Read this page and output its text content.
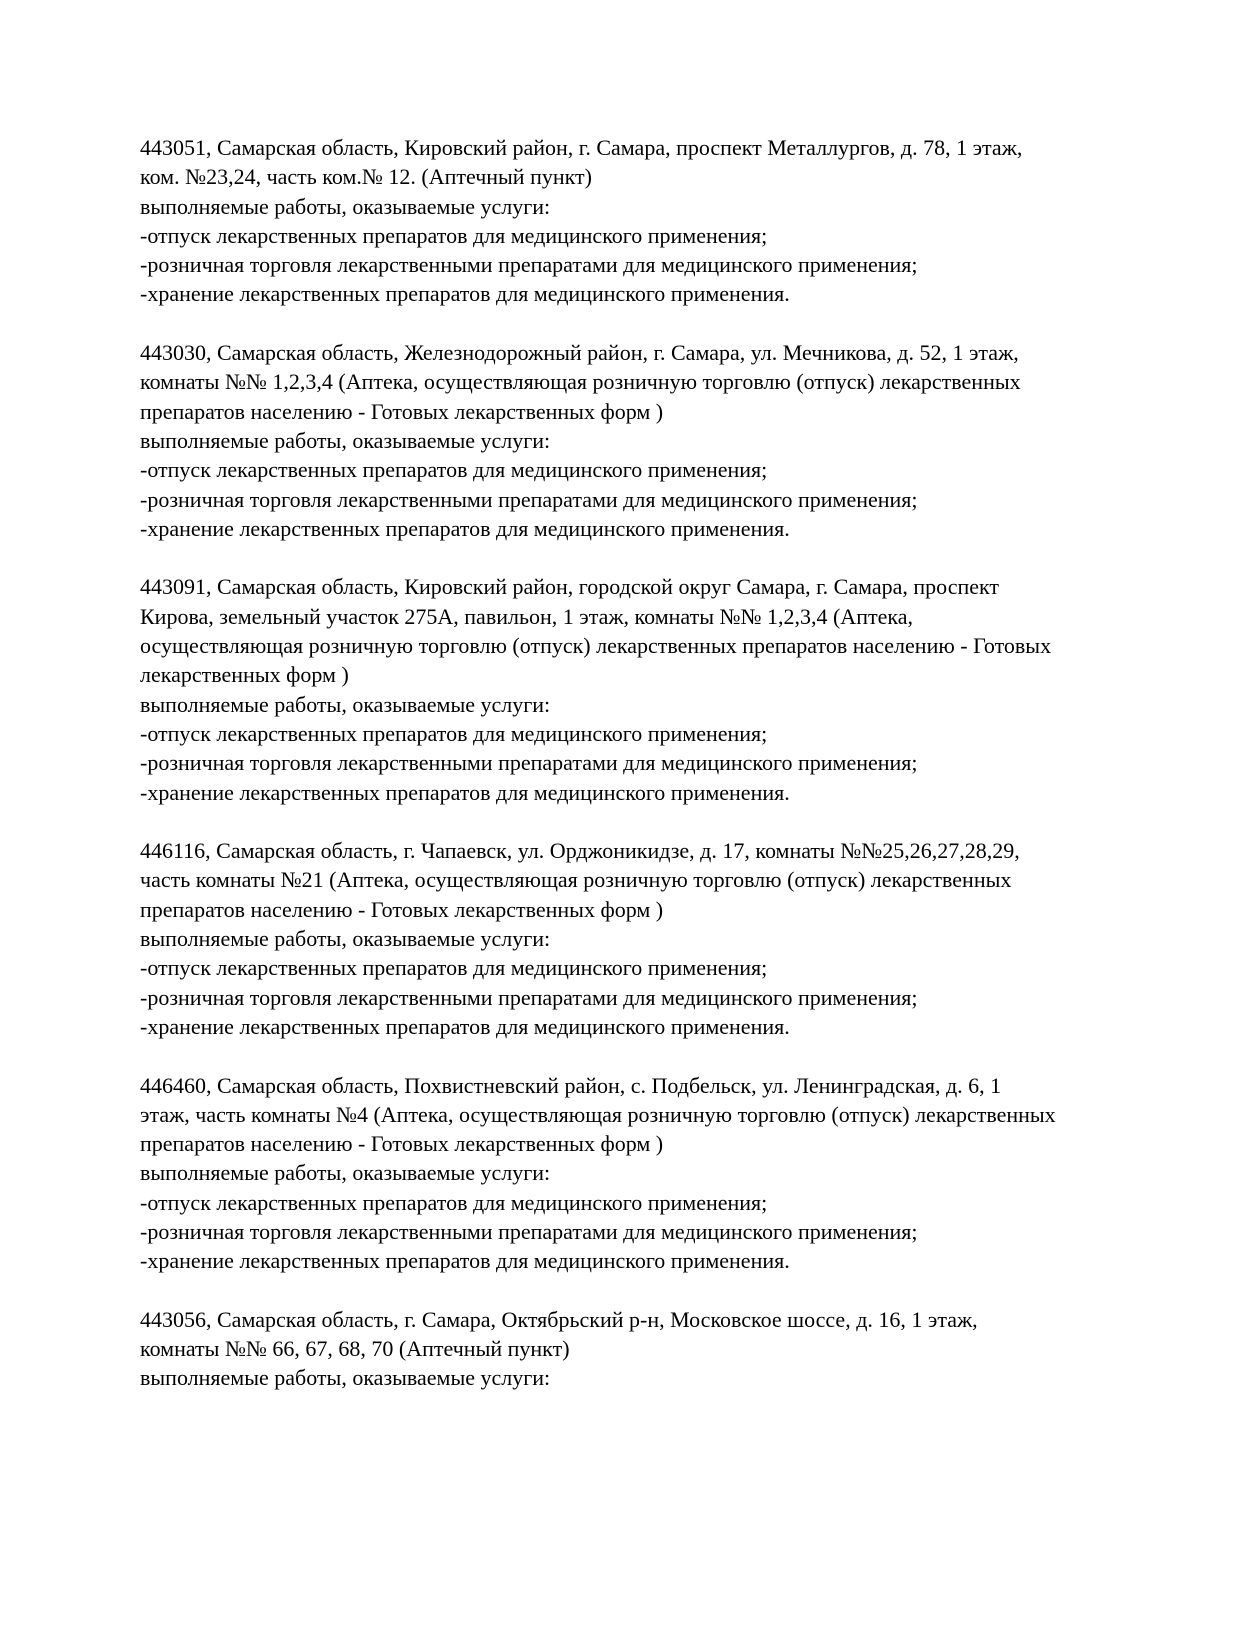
443051, Самарская область, Кировский район, г. Самара, проспект Металлургов, д. 78, 1 этаж,
ком. №23,24, часть ком.№ 12. (Аптечный пункт)
выполняемые работы, оказываемые услуги:
-отпуск лекарственных препаратов для медицинского применения;
-розничная торговля лекарственными препаратами для медицинского применения;
-хранение лекарственных препаратов для медицинского применения.
443030, Самарская область, Железнодорожный район, г. Самара, ул. Мечникова, д. 52, 1 этаж,
комнаты №№ 1,2,3,4 (Аптека, осуществляющая розничную торговлю (отпуск) лекарственных
препаратов населению - Готовых лекарственных форм )
выполняемые работы, оказываемые услуги:
-отпуск лекарственных препаратов для медицинского применения;
-розничная торговля лекарственными препаратами для медицинского применения;
-хранение лекарственных препаратов для медицинского применения.
443091, Самарская область, Кировский район, городской округ Самара, г. Самара, проспект
Кирова, земельный участок 275А, павильон, 1 этаж, комнаты №№ 1,2,3,4 (Аптека,
осуществляющая розничную торговлю (отпуск) лекарственных препаратов населению - Готовых
лекарственных форм )
выполняемые работы, оказываемые услуги:
-отпуск лекарственных препаратов для медицинского применения;
-розничная торговля лекарственными препаратами для медицинского применения;
-хранение лекарственных препаратов для медицинского применения.
446116, Самарская область, г. Чапаевск, ул. Орджоникидзе, д. 17, комнаты №№25,26,27,28,29,
часть комнаты №21 (Аптека, осуществляющая розничную торговлю (отпуск) лекарственных
препаратов населению - Готовых лекарственных форм )
выполняемые работы, оказываемые услуги:
-отпуск лекарственных препаратов для медицинского применения;
-розничная торговля лекарственными препаратами для медицинского применения;
-хранение лекарственных препаратов для медицинского применения.
446460, Самарская область, Похвистневский район, с. Подбельск, ул. Ленинградская, д. 6, 1
этаж, часть комнаты №4 (Аптека, осуществляющая розничную торговлю (отпуск) лекарственных
препаратов населению - Готовых лекарственных форм )
выполняемые работы, оказываемые услуги:
-отпуск лекарственных препаратов для медицинского применения;
-розничная торговля лекарственными препаратами для медицинского применения;
-хранение лекарственных препаратов для медицинского применения.
443056, Самарская область, г. Самара, Октябрьский р-н, Московское шоссе, д. 16, 1 этаж,
комнаты №№ 66, 67, 68, 70 (Аптечный пункт)
выполняемые работы, оказываемые услуги:
